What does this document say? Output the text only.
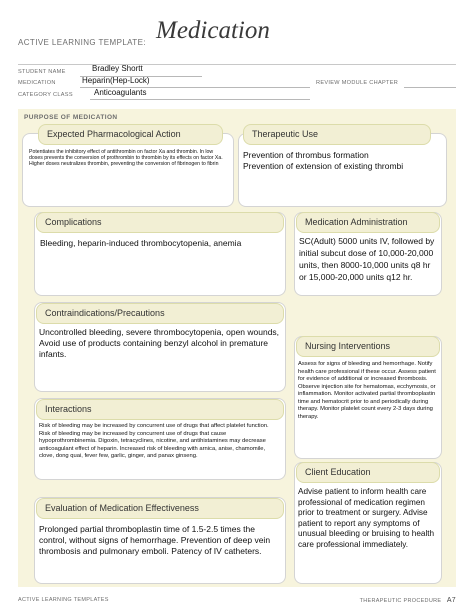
ACTIVE LEARNING TEMPLATE: Medication
STUDENT NAME	Bradley Shortt
MEDICATION	Heparin(Hep-Lock)	REVIEW MODULE CHAPTER
CATEGORY CLASS	Anticoagulants
PURPOSE OF MEDICATION
Expected Pharmacological Action
Potentiates the inhibitory effect of antithrombin on factor Xa and thrombin. In low doses prevents the conversion of prothrombin to thrombin by its effects on factor Xa.
Higher doses neutralizes thrombin, preventing the conversion of fibrinogen to fibrin
Therapeutic Use
Prevention of thrombus formation
Prevention of extension of existing thrombi
Complications
Bleeding, heparin-induced thrombocytopenia, anemia
Medication Administration
SC(Adult) 5000 units IV, followed by initial subcut dose of 10,000-20,000 units, then 8000-10,000 units q8 hr or 15,000-20,000 units q12 hr.
Contraindications/Precautions
Uncontrolled bleeding, severe thrombocytopenia, open wounds, Avoid use of products containing benzyl alcohol in premature infants.
Nursing Interventions
Assess for signs of bleeding and hemorrhage. Notify health care professional if these occur. Assess patient for evidence of additional or increased thrombosis. Observe injection site for hematomas, ecchymosis, or inflammation. Monitor activated partial thromboplastin time and hematocrit prior to and periodically during therapy. Monitor platelet count every 2-3 days during therapy.
Interactions
Risk of bleeding may be increased by concurrent use of drugs that affect platelet function. Risk of bleeding may be increased by concurrent use of drugs that cause hypoprothrombinemia. Digoxin, tetracyclines, nicotine, and antihistamines may decrease anticoagulant effect of heparin. Increased risk of bleeding with arnica, anise, chamomile, clove, dong quai, fever few, garlic, ginger, and panax ginseng.
Client Education
Advise patient to inform health care professional of medication regimen prior to treatment or surgery. Advise patient to report any symptoms of unusual bleeding or bruising to health care professional immediately.
Evaluation of Medication Effectiveness
Prolonged partial thromboplastin time of 1.5-2.5 times the control, without signs of hemorrhage. Prevention of deep vein thrombosis and pulmonary emboli. Patency of IV catheters.
ACTIVE LEARNING TEMPLATES	THERAPEUTIC PROCEDURE A7
